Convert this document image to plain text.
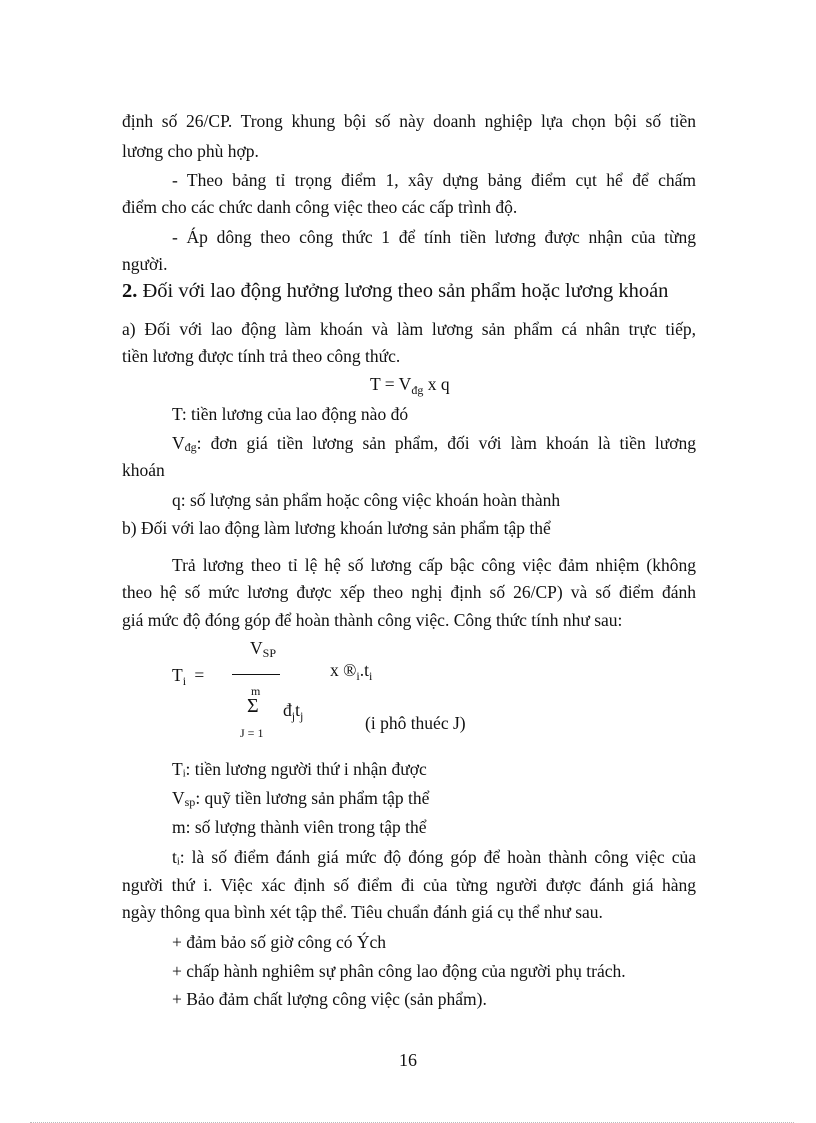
định số 26/CP. Trong khung bội số này doanh nghiệp lựa chọn bội số tiền
lương cho phù hợp.
- Theo bảng tỉ trọng điểm 1, xây dựng bảng điểm cụt hể để chấm
điểm cho các chức danh công việc theo các cấp trình độ.
- Áp dông theo công thức 1 để tính tiền lương được nhận của từng
người.
2. Đối với lao động hưởng lương theo sản phẩm hoặc lương khoán
a) Đối với lao động làm khoán và làm lương sản phẩm cá nhân trực tiếp,
tiền lương được tính trả theo công thức.
$T = V_{đg}$ x q
T: tiền lương của lao động nào đó
Vđg: đơn giá tiền lương sản phẩm, đối với làm khoán là tiền lương
khoán
q: số lượng sản phẩm hoặc công việc khoán hoàn thành
b) Đối với lao động làm lương khoán lương sản phẩm tập thể
Trả lương theo tỉ lệ hệ số lương cấp bậc công việc đảm nhiệm (không
theo hệ số mức lương được xếp theo nghị định số 26/CP) và số điểm đánh
giá mức độ đóng góp để hoàn thành công việc. Công thức tính như sau:
$T_i$ =
VSP
x $®_i.t_i$
m
Σ
J = 1
$đ_jt_j$	(i phô thuéc J)
Tᵢ: tiền lương người thứ i nhận được
Vsp: quỹ tiền lương sản phẩm tập thể
m: số lượng thành viên trong tập thể
tᵢ: là số điểm đánh giá mức độ đóng góp để hoàn thành công việc của
người thứ i. Việc xác định số điểm đi của từng người được đánh giá hàng
ngày thông qua bình xét tập thể. Tiêu chuẩn đánh giá cụ thể như sau.
+ đảm bảo số giờ công có Ých
+ chấp hành nghiêm sự phân công lao động của người phụ trách.
+ Bảo đảm chất lượng công việc (sản phẩm).
16
